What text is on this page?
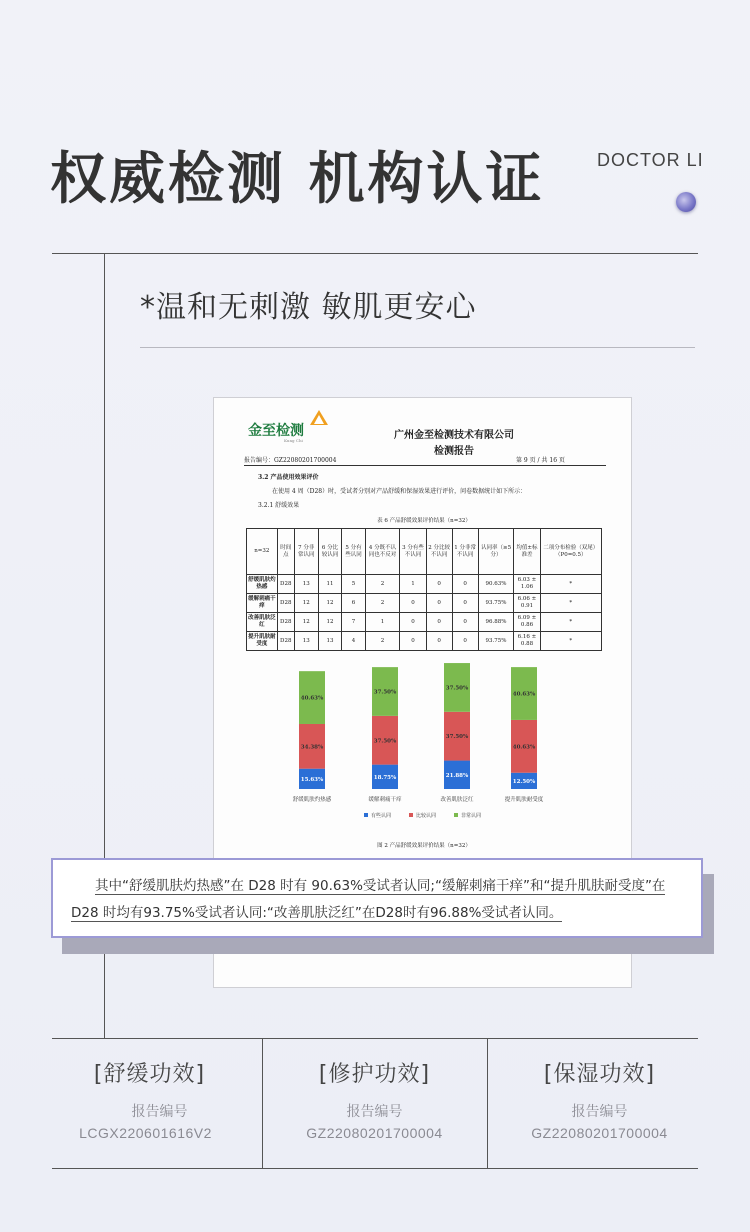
权威检测 机构认证	DOCTOR LI
*温和无刺激 敏肌更安心
金至检测
Kung Chi	广州金至检测技术有限公司
检测报告
报告编号：GZ22080201700004	第 9 页 / 共 16 页
3.2 产品使用效果评价
在使用 4 周（D28）时，受试者分别对产品舒缓和保湿效果进行评价，问卷数据统计如下所示：
3.2.1 舒缓效果
表 6 产品舒缓效果评价结果（n=32）
n=32	时间点	7 分非常认同	6 分比较认同	5 分有些认同	4 分既不认同也不反对	3 分有些不认同	2 分比较不认同	1 分非常不认同	认同率（≥5 分）	均值±标准差	二项分布检验（双尾）（P0=0.5）
舒缓肌肤灼热感	D28	13	11	5	2	1	0	0	90.63%	6.03 ± 1.06	*
缓解刺痛干痒	D28	12	12	6	2	0	0	0	93.75%	6.06 ± 0.91	*
改善肌肤泛红	D28	12	12	7	1	0	0	0	96.88%	6.09 ± 0.86	*
提升肌肤耐受度	D28	13	13	4	2	0	0	0	93.75%	6.16 ± 0.88	*
15.63%
34.38%
40.63%
舒缓肌肤灼热感
18.75%
37.50%
37.50%
缓解刺痛干痒
21.88%
37.50%
37.50%
改善肌肤泛红
12.50%
40.63%
40.63%
提升肌肤耐受度
有些认同	比较认同	非常认同
图 2 产品舒缓效果评价结果（n=32）
其中“舒缓肌肤灼热感”在 D28 时有 90.63%受试者认同;“缓解刺痛干痒”和“提升肌肤耐受度”在
D28 时均有93.75%受试者认同:“改善肌肤泛红”在D28时有96.88%受试者认同。
[舒缓功效]
报告编号
LCGX220601616V2
[修护功效]
报告编号
GZ22080201700004
[保湿功效]
报告编号
GZ22080201700004
